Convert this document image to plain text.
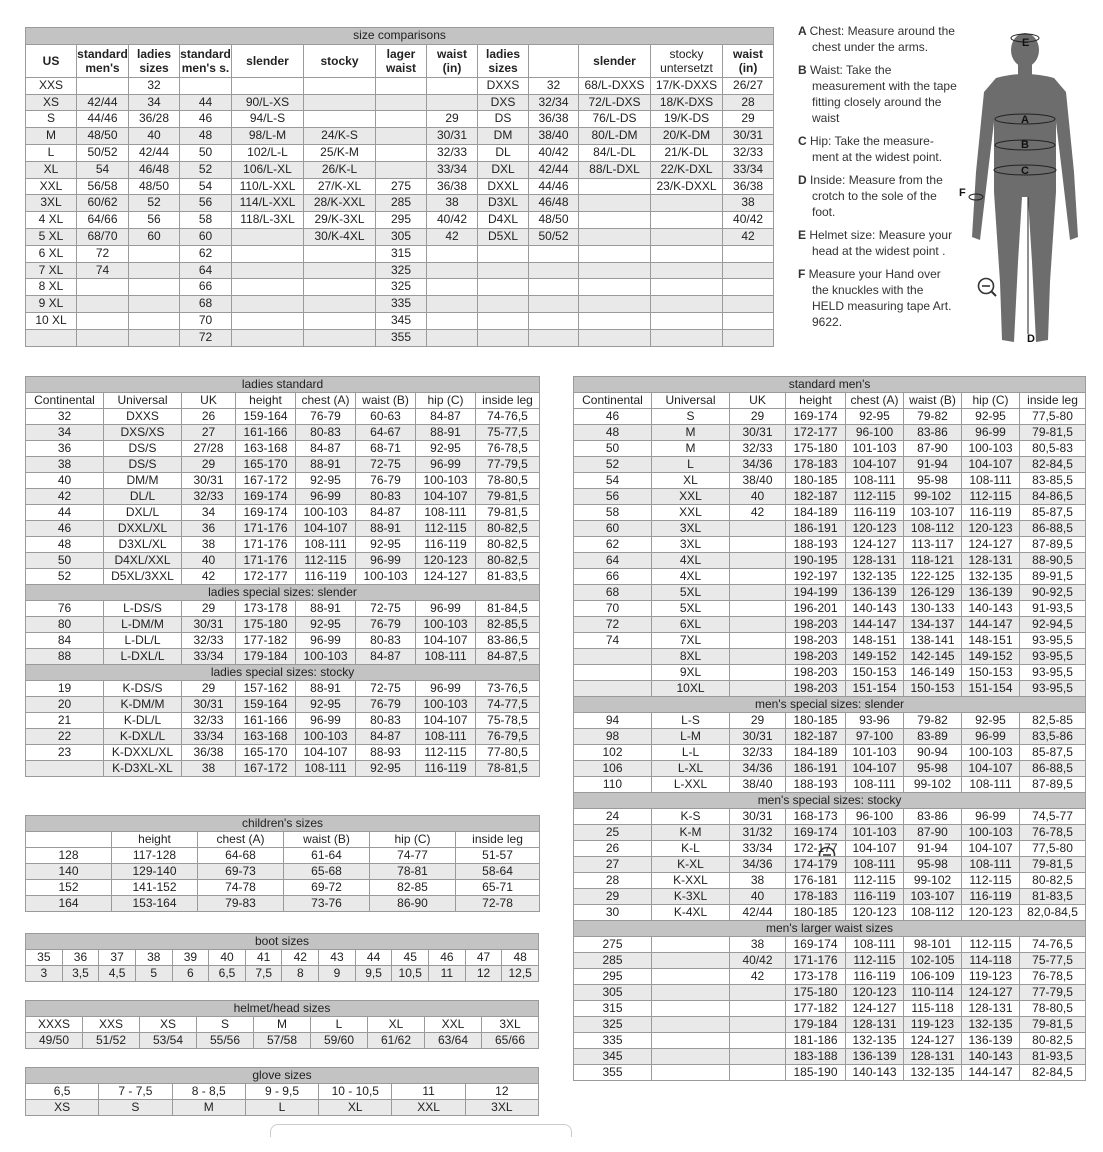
size comparisons												
US	standard men's	ladies sizes	standard men's s.	slender	stocky	lager waist	waist (in)	ladies sizes		slender	stocky untersetzt	waist (in)
XXS		32						DXXS	32	68/L-DXXS	17/K-DXXS	26/27
XS	42/44	34	44	90/L-XS				DXS	32/34	72/L-DXS	18/K-DXS	28
S	44/46	36/28	46	94/L-S			29	DS	36/38	76/L-DS	19/K-DS	29
M	48/50	40	48	98/L-M	24/K-S		30/31	DM	38/40	80/L-DM	20/K-DM	30/31
L	50/52	42/44	50	102/L-L	25/K-M		32/33	DL	40/42	84/L-DL	21/K-DL	32/33
XL	54	46/48	52	106/L-XL	26/K-L		33/34	DXL	42/44	88/L-DXL	22/K-DXL	33/34
XXL	56/58	48/50	54	110/L-XXL	27/K-XL	275	36/38	DXXL	44/46		23/K-DXXL	36/38
3XL	60/62	52	56	114/L-XXL	28/K-XXL	285	38	D3XL	46/48			38
4 XL	64/66	56	58	118/L-3XL	29/K-3XL	295	40/42	D4XL	48/50			40/42
5 XL	68/70	60	60		30/K-4XL	305	42	D5XL	50/52			42
6 XL	72		62			315						
7 XL	74		64			325						
8 XL			66			325						
9 XL			68			335						
10 XL			70			345						
			72			355						
A Chest: Measure around the chest under the arms.
B Waist: Take the measurement with the tape fitting closely around the waist
C Hip: Take the measure-ment at the widest point.
D Inside: Measure from the crotch to the sole of the foot.
E Helmet size: Measure your head at the widest point .
F Measure your Hand over the knuckles with the HELD measuring tape Art. 9622.
E
A
B
C
F
D
ladies standard							
Continental	Universal	UK	height	chest (A)	waist (B)	hip (C)	inside leg
32	DXXS	26	159-164	76-79	60-63	84-87	74-76,5
34	DXS/XS	27	161-166	80-83	64-67	88-91	75-77,5
36	DS/S	27/28	163-168	84-87	68-71	92-95	76-78,5
38	DS/S	29	165-170	88-91	72-75	96-99	77-79,5
40	DM/M	30/31	167-172	92-95	76-79	100-103	78-80,5
42	DL/L	32/33	169-174	96-99	80-83	104-107	79-81,5
44	DXL/L	34	169-174	100-103	84-87	108-111	79-81,5
46	DXXL/XL	36	171-176	104-107	88-91	112-115	80-82,5
48	D3XL/XL	38	171-176	108-111	92-95	116-119	80-82,5
50	D4XL/XXL	40	171-176	112-115	96-99	120-123	80-82,5
52	D5XL/3XXL	42	172-177	116-119	100-103	124-127	81-83,5
ladies special sizes: slender							
76	L-DS/S	29	173-178	88-91	72-75	96-99	81-84,5
80	L-DM/M	30/31	175-180	92-95	76-79	100-103	82-85,5
84	L-DL/L	32/33	177-182	96-99	80-83	104-107	83-86,5
88	L-DXL/L	33/34	179-184	100-103	84-87	108-111	84-87,5
ladies special sizes: stocky							
19	K-DS/S	29	157-162	88-91	72-75	96-99	73-76,5
20	K-DM/M	30/31	159-164	92-95	76-79	100-103	74-77,5
21	K-DL/L	32/33	161-166	96-99	80-83	104-107	75-78,5
22	K-DXL/L	33/34	163-168	100-103	84-87	108-111	76-79,5
23	K-DXXL/XL	36/38	165-170	104-107	88-93	112-115	77-80,5
	K-D3XL-XL	38	167-172	108-111	92-95	116-119	78-81,5
children's sizes					
	height	chest (A)	waist (B)	hip (C)	inside leg
128	117-128	64-68	61-64	74-77	51-57
140	129-140	69-73	65-68	78-81	58-64
152	141-152	74-78	69-72	82-85	65-71
164	153-164	79-83	73-76	86-90	72-78
boot sizes													
35	36	37	38	39	40	41	42	43	44	45	46	47	48
3	3,5	4,5	5	6	6,5	7,5	8	9	9,5	10,5	11	12	12,5
helmet/head sizes								
XXXS	XXS	XS	S	M	L	XL	XXL	3XL
49/50	51/52	53/54	55/56	57/58	59/60	61/62	63/64	65/66
glove sizes						
6,5	7 - 7,5	8 - 8,5	9 - 9,5	10 - 10,5	11	12
XS	S	M	L	XL	XXL	3XL
standard men's							
Continental	Universal	UK	height	chest (A)	waist (B)	hip (C)	inside leg
46	S	29	169-174	92-95	79-82	92-95	77,5-80
48	M	30/31	172-177	96-100	83-86	96-99	79-81,5
50	M	32/33	175-180	101-103	87-90	100-103	80,5-83
52	L	34/36	178-183	104-107	91-94	104-107	82-84,5
54	XL	38/40	180-185	108-111	95-98	108-111	83-85,5
56	XXL	40	182-187	112-115	99-102	112-115	84-86,5
58	XXL	42	184-189	116-119	103-107	116-119	85-87,5
60	3XL		186-191	120-123	108-112	120-123	86-88,5
62	3XL		188-193	124-127	113-117	124-127	87-89,5
64	4XL		190-195	128-131	118-121	128-131	88-90,5
66	4XL		192-197	132-135	122-125	132-135	89-91,5
68	5XL		194-199	136-139	126-129	136-139	90-92,5
70	5XL		196-201	140-143	130-133	140-143	91-93,5
72	6XL		198-203	144-147	134-137	144-147	92-94,5
74	7XL		198-203	148-151	138-141	148-151	93-95,5
	8XL		198-203	149-152	142-145	149-152	93-95,5
	9XL		198-203	150-153	146-149	150-153	93-95,5
	10XL		198-203	151-154	150-153	151-154	93-95,5
men's special sizes: slender							
94	L-S	29	180-185	93-96	79-82	92-95	82,5-85
98	L-M	30/31	182-187	97-100	83-89	96-99	83,5-86
102	L-L	32/33	184-189	101-103	90-94	100-103	85-87,5
106	L-XL	34/36	186-191	104-107	95-98	104-107	86-88,5
110	L-XXL	38/40	188-193	108-111	99-102	108-111	87-89,5
men's special sizes: stocky							
24	K-S	30/31	168-173	96-100	83-86	96-99	74,5-77
25	K-M	31/32	169-174	101-103	87-90	100-103	76-78,5
26	K-L	33/34	172-177	104-107	91-94	104-107	77,5-80
27	K-XL	34/36	174-179	108-111	95-98	108-111	79-81,5
28	K-XXL	38	176-181	112-115	99-102	112-115	80-82,5
29	K-3XL	40	178-183	116-119	103-107	116-119	81-83,5
30	K-4XL	42/44	180-185	120-123	108-112	120-123	82,0-84,5
men's larger waist sizes							
275		38	169-174	108-111	98-101	112-115	74-76,5
285		40/42	171-176	112-115	102-105	114-118	75-77,5
295		42	173-178	116-119	106-109	119-123	76-78,5
305			175-180	120-123	110-114	124-127	77-79,5
315			177-182	124-127	115-118	128-131	78-80,5
325			179-184	128-131	119-123	132-135	79-81,5
335			181-186	132-135	124-127	136-139	80-82,5
345			183-188	136-139	128-131	140-143	81-93,5
355			185-190	140-143	132-135	144-147	82-84,5
